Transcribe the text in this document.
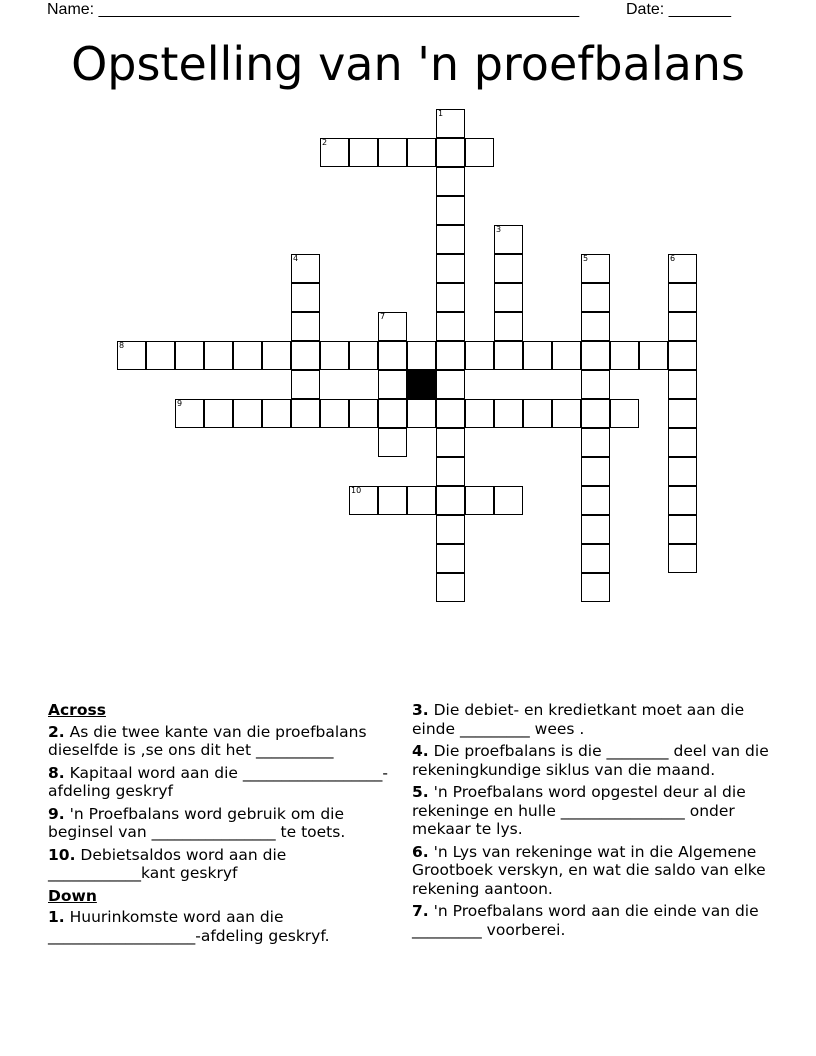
Name: ______________________________________________________

	Date: _______

Opstelling van 'n proefbalans
1
2
3
4	5	6
7
8
9
10
Across
2. As die twee kante van die proefbalans dieselfde is ,se ons dit het __________
8. Kapitaal word aan die __________________-afdeling geskryf
9. 'n Proefbalans word gebruik om die beginsel van ________________ te toets.
10. Debietsaldos word aan die ____________kant geskryf
Down
1. Huurinkomste word aan die ___________________-afdeling geskryf.
3. Die debiet- en kredietkant moet aan die einde _________ wees .
4. Die proefbalans is die ________ deel van die rekeningkundige siklus van die maand.
5. 'n Proefbalans word opgestel deur al die rekeninge en hulle ________________ onder mekaar te lys.
6. 'n Lys van rekeninge wat in die Algemene Grootboek verskyn, en wat die saldo van elke rekening aantoon.
7. 'n Proefbalans word aan die einde van die _________ voorberei.
